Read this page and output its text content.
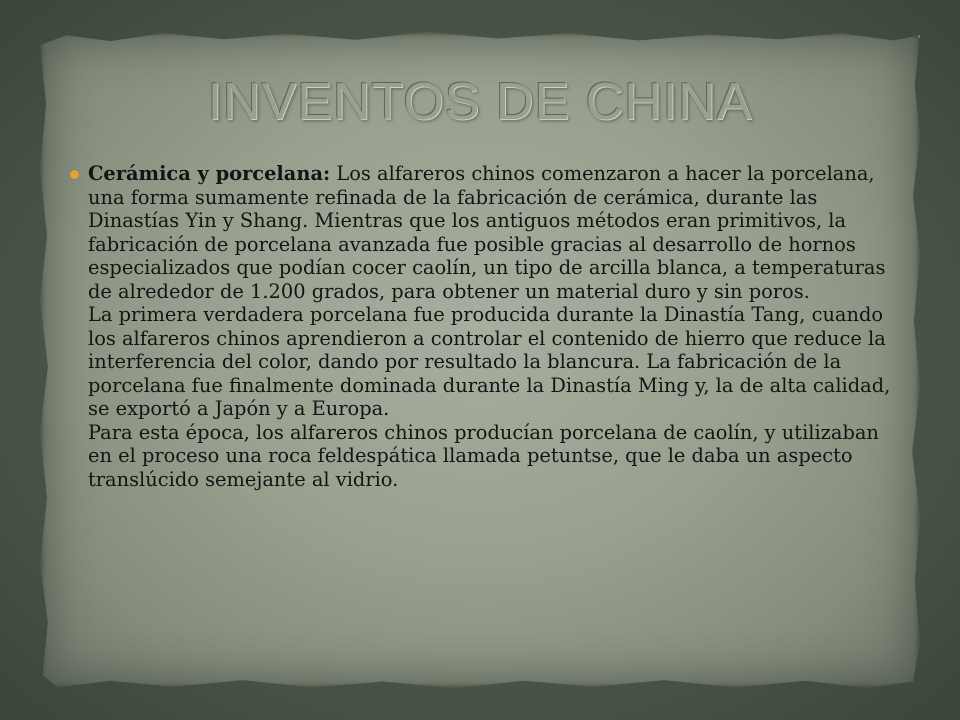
INVENTOS DE CHINA
Cerámica y porcelana: Los alfareros chinos comenzaron a hacer la porcelana, una forma sumamente refinada de la fabricación de cerámica, durante las Dinastías Yin y Shang. Mientras que los antiguos métodos eran primitivos, la fabricación de porcelana avanzada fue posible gracias al desarrollo de hornos especializados que podían cocer caolín, un tipo de arcilla blanca, a temperaturas de alrededor de 1.200 grados, para obtener un material duro y sin poros.
La primera verdadera porcelana fue producida durante la Dinastía Tang, cuando los alfareros chinos aprendieron a controlar el contenido de hierro que reduce la interferencia del color, dando por resultado la blancura. La fabricación de la porcelana fue finalmente dominada durante la Dinastía Ming y, la de alta calidad, se exportó a Japón y a Europa.
Para esta época, los alfareros chinos producían porcelana de caolín, y utilizaban en el proceso una roca feldespática llamada petuntse, que le daba un aspecto translúcido semejante al vidrio.
